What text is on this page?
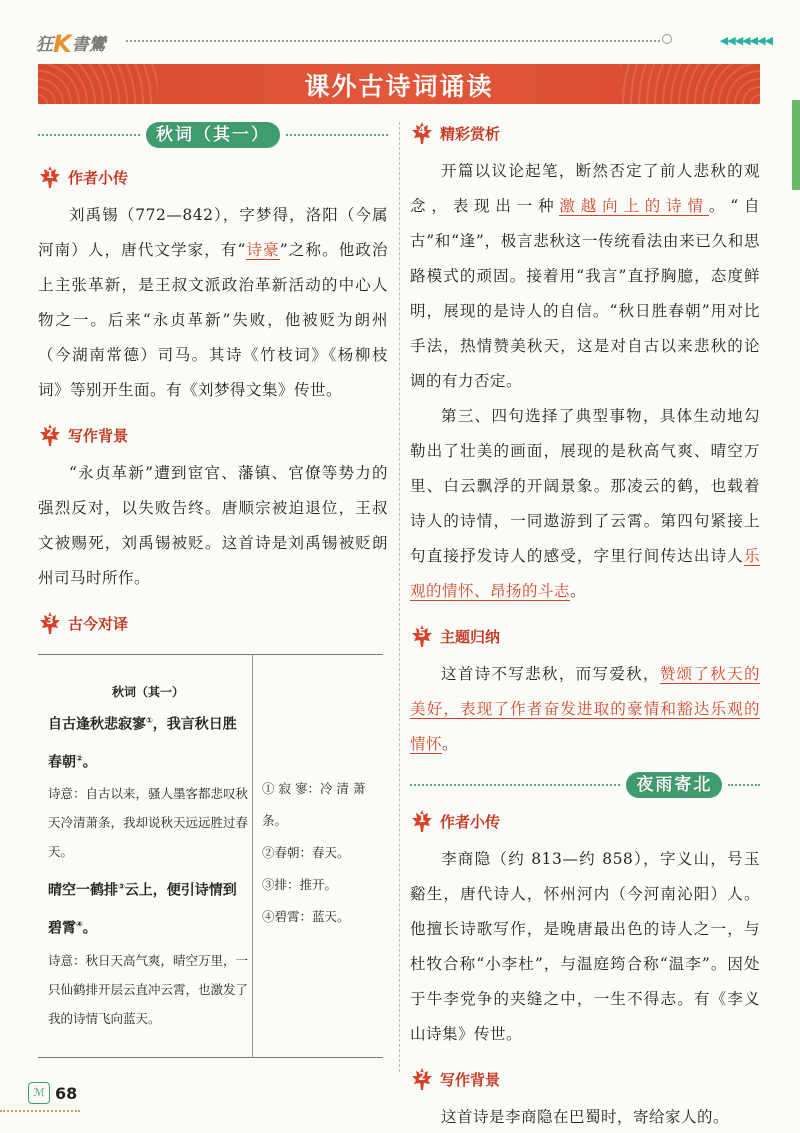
狂K書鸞	◀◀◀◀◀◀◀
课外古诗词诵读
秋词（其一）
1 作者小传

刘禹锡（772—842），字梦得，洛阳（今属河南）人，唐代文学家，有“诗豪”之称。他政治上主张革新，是王叔文派政治革新活动的中心人物之一。后来“永贞革新”失败，他被贬为朗州（今湖南常德）司马。其诗《竹枝词》《杨柳枝词》等别开生面。有《刘梦得文集》传世。

2 写作背景

“永贞革新”遭到宦官、藩镇、官僚等势力的强烈反对，以失败告终。唐顺宗被迫退位，王叔文被赐死，刘禹锡被贬。这首诗是刘禹锡被贬朗州司马时所作。

3 古今对译
秋词（其一）
自古逢秋悲寂寥①，我言秋日胜春朝②。
诗意：自古以来，骚人墨客都悲叹秋天冷清萧条，我却说秋天远远胜过春天。
晴空一鹤排③云上，便引诗情到碧霄④。
诗意：秋日天高气爽，晴空万里，一只仙鹤排开层云直冲云霄，也激发了我的诗情飞向蓝天。
① 寂 寥：冷 清 萧条。
②春朝：春天。
③排：推开。
④碧霄：蓝天。
4 精彩赏析

开篇以议论起笔，断然否定了前人悲秋的观念，表现出一种激越向上的诗情。“自古”和“逢”，极言悲秋这一传统看法由来已久和思路模式的顽固。接着用“我言”直抒胸臆，态度鲜明，展现的是诗人的自信。“秋日胜春朝”用对比手法，热情赞美秋天，这是对自古以来悲秋的论调的有力否定。

第三、四句选择了典型事物，具体生动地勾勒出了壮美的画面，展现的是秋高气爽、晴空万里、白云飘浮的开阔景象。那凌云的鹤，也载着诗人的诗情，一同遨游到了云霄。第四句紧接上句直接抒发诗人的感受，字里行间传达出诗人乐观的情怀、昂扬的斗志。

5 主题归纳

这首诗不写悲秋，而写爱秋，赞颂了秋天的美好，表现了作者奋发进取的豪情和豁达乐观的情怀。

夜雨寄北
1 作者小传

李商隐（约 813—约 858），字义山，号玉谿生，唐代诗人，怀州河内（今河南沁阳）人。他擅长诗歌写作，是晚唐最出色的诗人之一，与杜牧合称“小李杜”，与温庭筠合称“温李”。因处于牛李党争的夹缝之中，一生不得志。有《李义山诗集》传世。

2 写作背景

这首诗是李商隐在巴蜀时，寄给家人的。

ℳ 68
